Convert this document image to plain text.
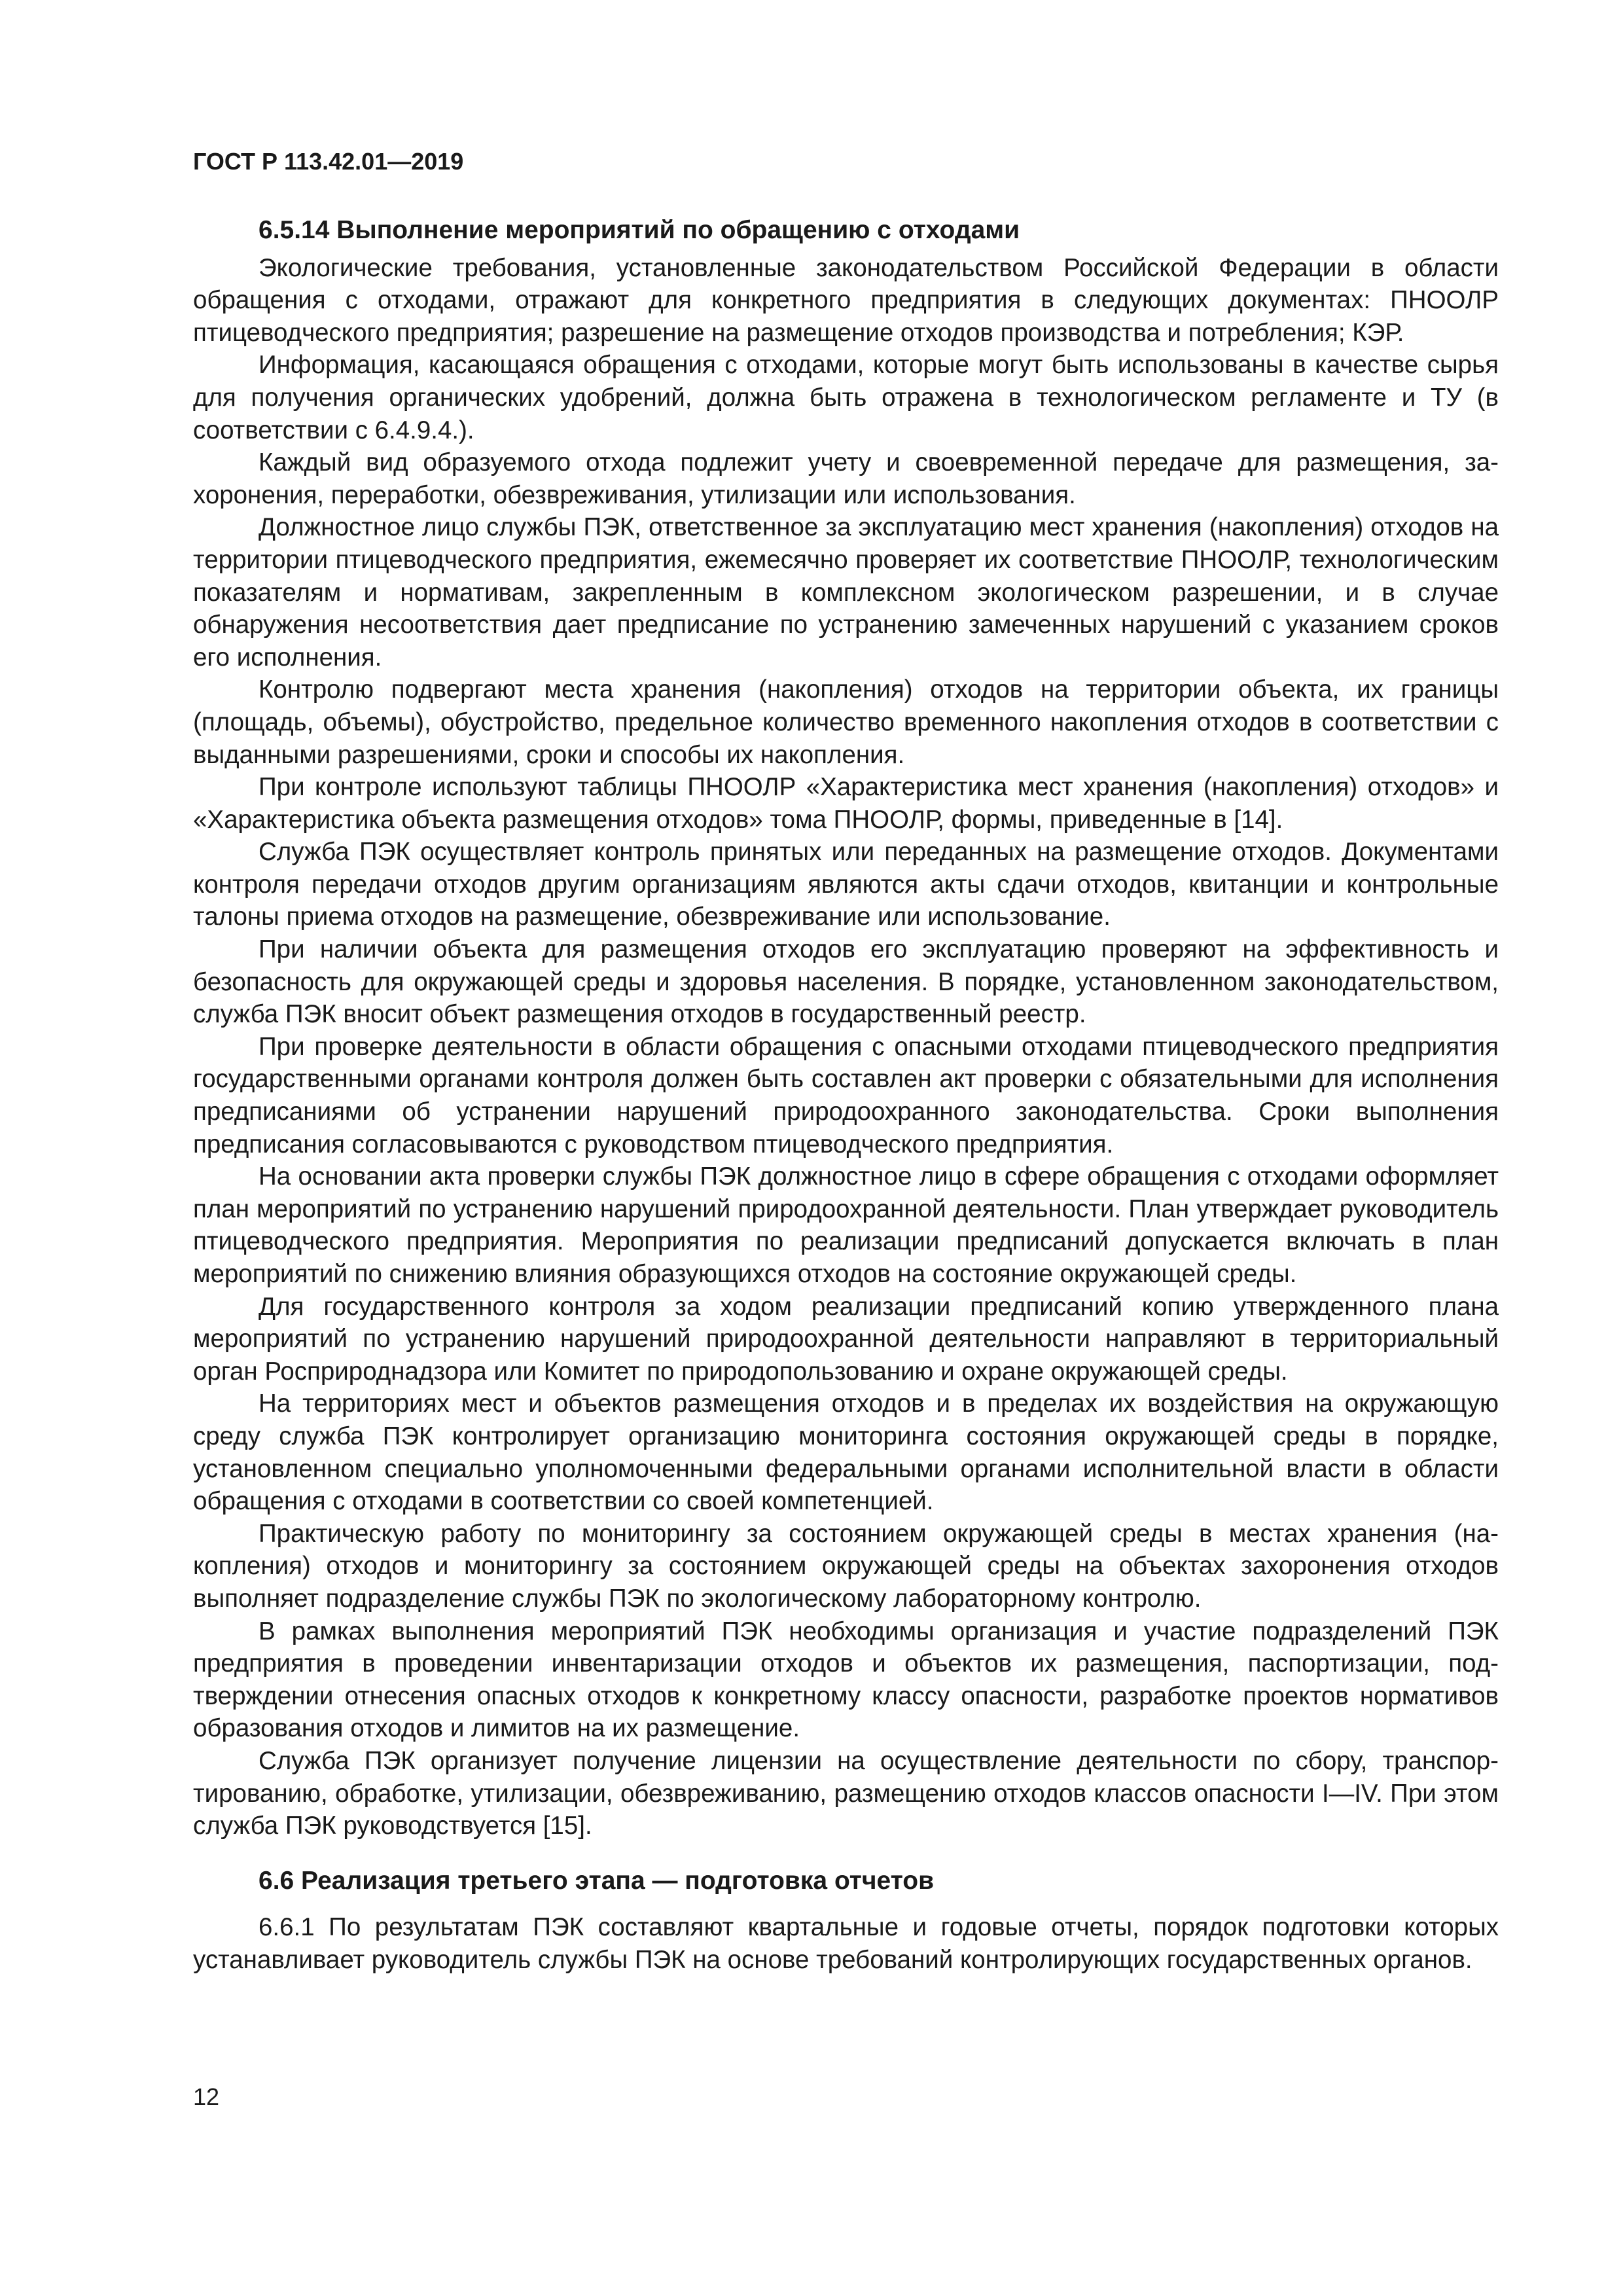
ГОСТ Р 113.42.01—2019
6.5.14 Выполнение мероприятий по обращению с отходами

Экологические требования, установленные законодательством Российской Федерации в области обращения с отходами, отражают для конкретного предприятия в следующих документах: ПНООЛР птицеводческого предприятия; разрешение на размещение отходов производства и потребления; КЭР.

Информация, касающаяся обращения с отходами, которые могут быть использованы в качестве сырья для получения органических удобрений, должна быть отражена в технологическом регламенте и ТУ (в соответствии с 6.4.9.4.).

Каждый вид образуемого отхода подлежит учету и своевременной передаче для размещения, захоронения, переработки, обезвреживания, утилизации или использования.

Должностное лицо службы ПЭК, ответственное за эксплуатацию мест хранения (накопления) отходов на территории птицеводческого предприятия, ежемесячно проверяет их соответствие ПНООЛР, технологическим показателям и нормативам, закрепленным в комплексном экологическом разрешении, и в случае обнаружения несоответствия дает предписание по устранению замеченных нарушений с указанием сроков его исполнения.

Контролю подвергают места хранения (накопления) отходов на территории объекта, их границы (площадь, объемы), обустройство, предельное количество временного накопления отходов в соответствии с выданными разрешениями, сроки и способы их накопления.

При контроле используют таблицы ПНООЛР «Характеристика мест хранения (накопления) отходов» и «Характеристика объекта размещения отходов» тома ПНООЛР, формы, приведенные в [14].

Служба ПЭК осуществляет контроль принятых или переданных на размещение отходов. Документами контроля передачи отходов другим организациям являются акты сдачи отходов, квитанции и контрольные талоны приема отходов на размещение, обезвреживание или использование.

При наличии объекта для размещения отходов его эксплуатацию проверяют на эффективность и безопасность для окружающей среды и здоровья населения. В порядке, установленном законодательством, служба ПЭК вносит объект размещения отходов в государственный реестр.

При проверке деятельности в области обращения с опасными отходами птицеводческого предприятия государственными органами контроля должен быть составлен акт проверки с обязательными для исполнения предписаниями об устранении нарушений природоохранного законодательства. Сроки выполнения предписания согласовываются с руководством птицеводческого предприятия.

На основании акта проверки службы ПЭК должностное лицо в сфере обращения с отходами оформляет план мероприятий по устранению нарушений природоохранной деятельности. План утверждает руководитель птицеводческого предприятия. Мероприятия по реализации предписаний допускается включать в план мероприятий по снижению влияния образующихся отходов на состояние окружающей среды.

Для государственного контроля за ходом реализации предписаний копию утвержденного плана мероприятий по устранению нарушений природоохранной деятельности направляют в территориальный орган Росприроднадзора или Комитет по природопользованию и охране окружающей среды.

На территориях мест и объектов размещения отходов и в пределах их воздействия на окружающую среду служба ПЭК контролирует организацию мониторинга состояния окружающей среды в порядке, установленном специально уполномоченными федеральными органами исполнительной власти в области обращения с отходами в соответствии со своей компетенцией.

Практическую работу по мониторингу за состоянием окружающей среды в местах хранения (накопления) отходов и мониторингу за состоянием окружающей среды на объектах захоронения отходов выполняет подразделение службы ПЭК по экологическому лабораторному контролю.

В рамках выполнения мероприятий ПЭК необходимы организация и участие подразделений ПЭК предприятия в проведении инвентаризации отходов и объектов их размещения, паспортизации, подтверждении отнесения опасных отходов к конкретному классу опасности, разработке проектов нормативов образования отходов и лимитов на их размещение.

Служба ПЭК организует получение лицензии на осуществление деятельности по сбору, транспортированию, обработке, утилизации, обезвреживанию, размещению отходов классов опасности I—IV. При этом служба ПЭК руководствуется [15].

6.6 Реализация третьего этапа — подготовка отчетов

6.6.1 По результатам ПЭК составляют квартальные и годовые отчеты, порядок подготовки которых устанавливает руководитель службы ПЭК на основе требований контролирующих государственных органов.

12
